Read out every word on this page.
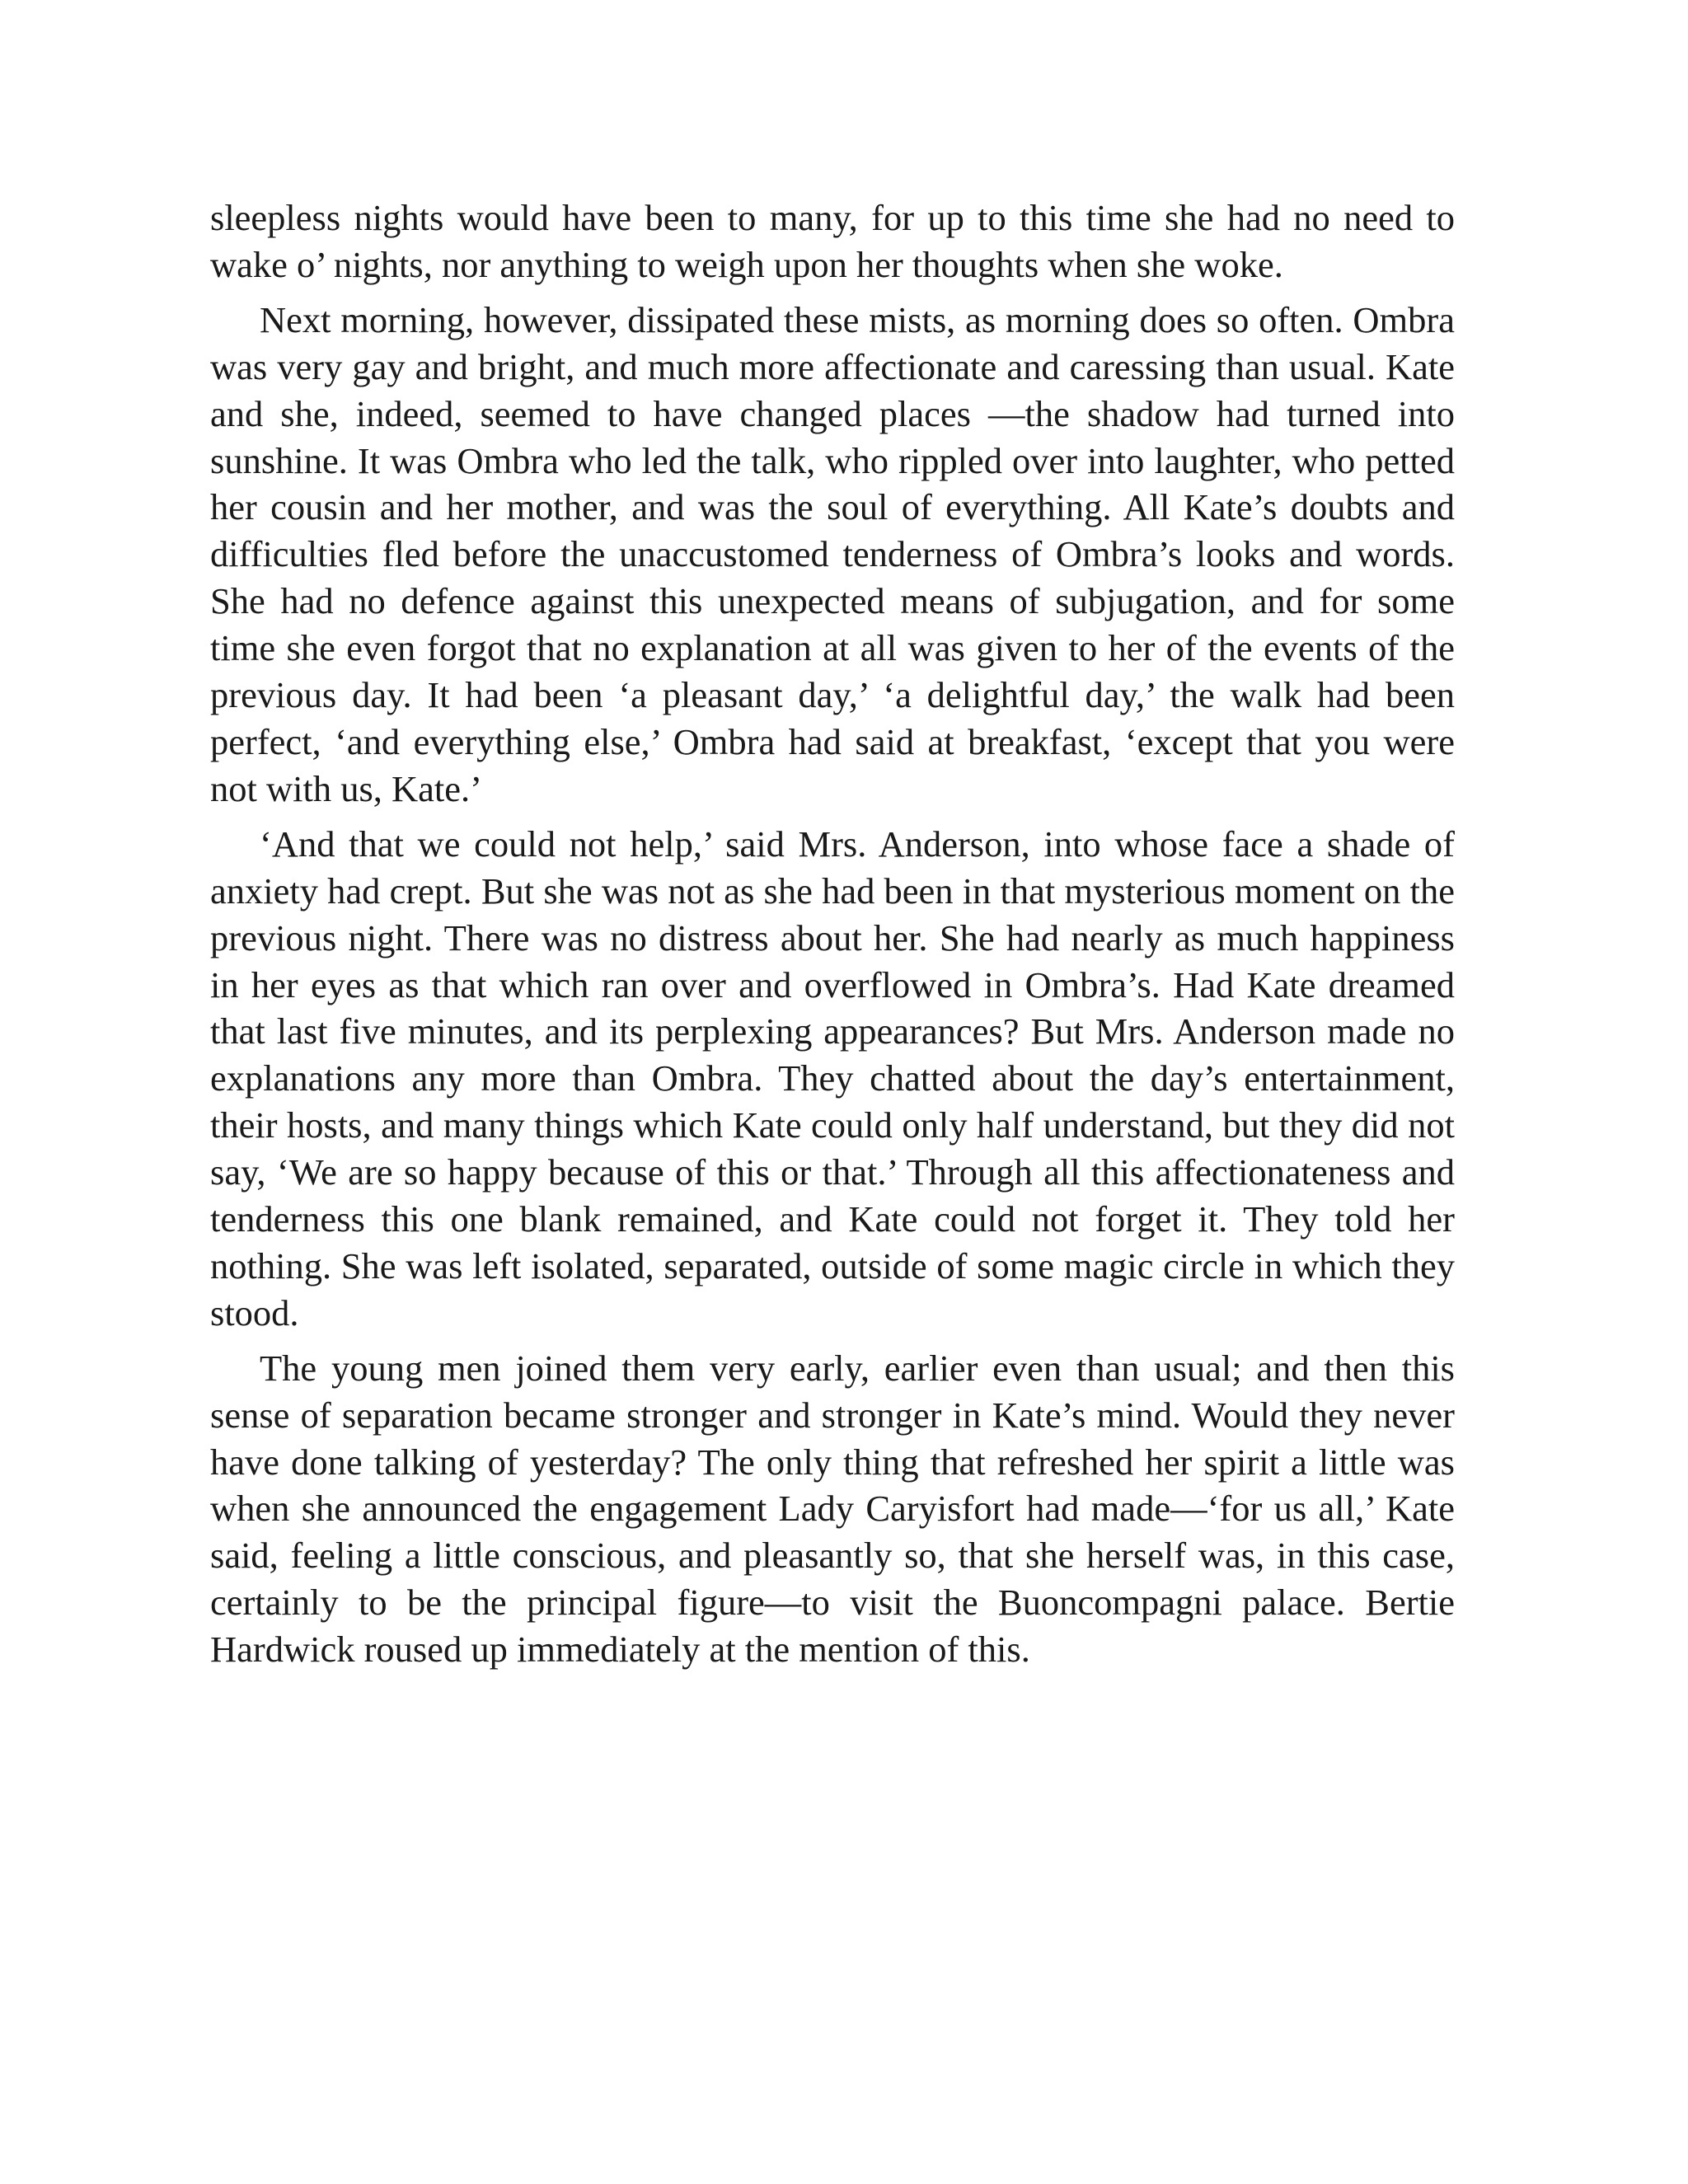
sleepless nights would have been to many, for up to this time she had no need to wake o’ nights, nor anything to weigh upon her thoughts when she woke.

Next morning, however, dissipated these mists, as morning does so often. Ombra was very gay and bright, and much more affectionate and caressing than usual. Kate and she, indeed, seemed to have changed places —the shadow had turned into sunshine. It was Ombra who led the talk, who rippled over into laughter, who petted her cousin and her mother, and was the soul of everything. All Kate’s doubts and difficulties fled before the unaccustomed tenderness of Ombra’s looks and words. She had no defence against this unexpected means of subjugation, and for some time she even forgot that no explanation at all was given to her of the events of the previous day. It had been ‘a pleasant day,’ ‘a delightful day,’ the walk had been perfect, ‘and everything else,’ Ombra had said at breakfast, ‘except that you were not with us, Kate.’

‘And that we could not help,’ said Mrs. Anderson, into whose face a shade of anxiety had crept. But she was not as she had been in that mysterious moment on the previous night. There was no distress about her. She had nearly as much happiness in her eyes as that which ran over and overflowed in Ombra’s. Had Kate dreamed that last five minutes, and its perplexing appearances? But Mrs. Anderson made no explanations any more than Ombra. They chatted about the day’s entertainment, their hosts, and many things which Kate could only half understand, but they did not say, ‘We are so happy because of this or that.’ Through all this affectionateness and tenderness this one blank remained, and Kate could not forget it. They told her nothing. She was left isolated, separated, outside of some magic circle in which they stood.

The young men joined them very early, earlier even than usual; and then this sense of separation became stronger and stronger in Kate’s mind. Would they never have done talking of yesterday? The only thing that refreshed her spirit a little was when she announced the engagement Lady Caryisfort had made—‘for us all,’ Kate said, feeling a little conscious, and pleasantly so, that she herself was, in this case, certainly to be the principal figure—to visit the Buoncompagni palace. Bertie Hardwick roused up immediately at the mention of this.
